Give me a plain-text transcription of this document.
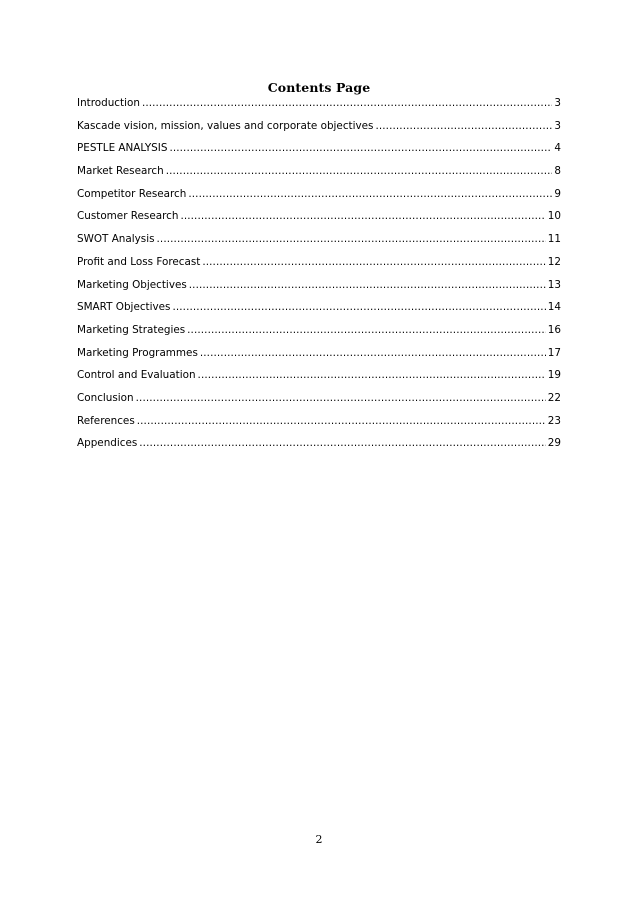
Contents Page
Introduction . . .	3
Kascade vision, mission, values and corporate objectives . . .	3
PESTLE ANALYSIS . . .	4
Market Research . . .	8
Competitor Research . . .	9
Customer Research . . .	10
SWOT Analysis . . .	11
Profit and Loss Forecast . . .	12
Marketing Objectives . . .	13
SMART Objectives . . .	14
Marketing Strategies . . .	16
Marketing Programmes . . .	17
Control and Evaluation . . .	19
Conclusion . . .	22
References . . .	23
Appendices . . .	29
2
